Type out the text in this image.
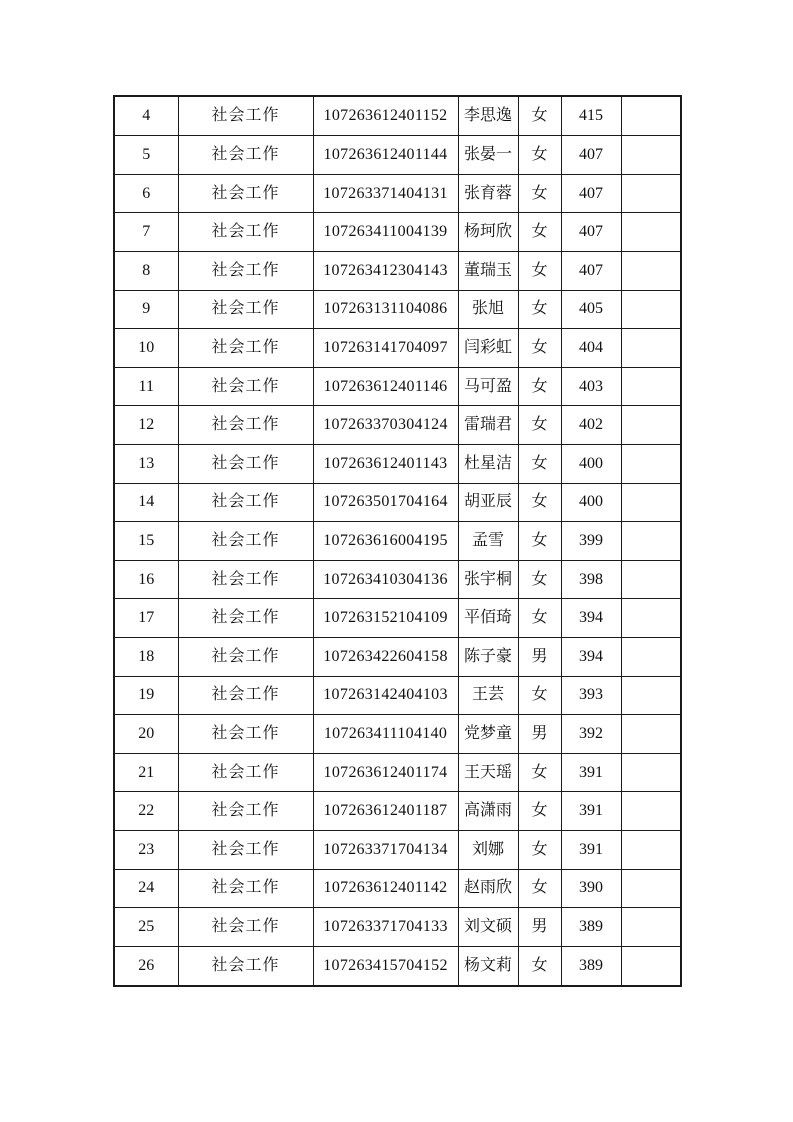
4	社会工作	107263612401152	李思逸	女	415	
5	社会工作	107263612401144	张晏一	女	407	
6	社会工作	107263371404131	张育蓉	女	407	
7	社会工作	107263411004139	杨珂欣	女	407	
8	社会工作	107263412304143	董瑞玉	女	407	
9	社会工作	107263131104086	张旭	女	405	
10	社会工作	107263141704097	闫彩虹	女	404	
11	社会工作	107263612401146	马可盈	女	403	
12	社会工作	107263370304124	雷瑞君	女	402	
13	社会工作	107263612401143	杜星洁	女	400	
14	社会工作	107263501704164	胡亚辰	女	400	
15	社会工作	107263616004195	孟雪	女	399	
16	社会工作	107263410304136	张宇桐	女	398	
17	社会工作	107263152104109	平佰琦	女	394	
18	社会工作	107263422604158	陈子豪	男	394	
19	社会工作	107263142404103	王芸	女	393	
20	社会工作	107263411104140	党梦童	男	392	
21	社会工作	107263612401174	王天瑶	女	391	
22	社会工作	107263612401187	高潇雨	女	391	
23	社会工作	107263371704134	刘娜	女	391	
24	社会工作	107263612401142	赵雨欣	女	390	
25	社会工作	107263371704133	刘文硕	男	389	
26	社会工作	107263415704152	杨文莉	女	389	
